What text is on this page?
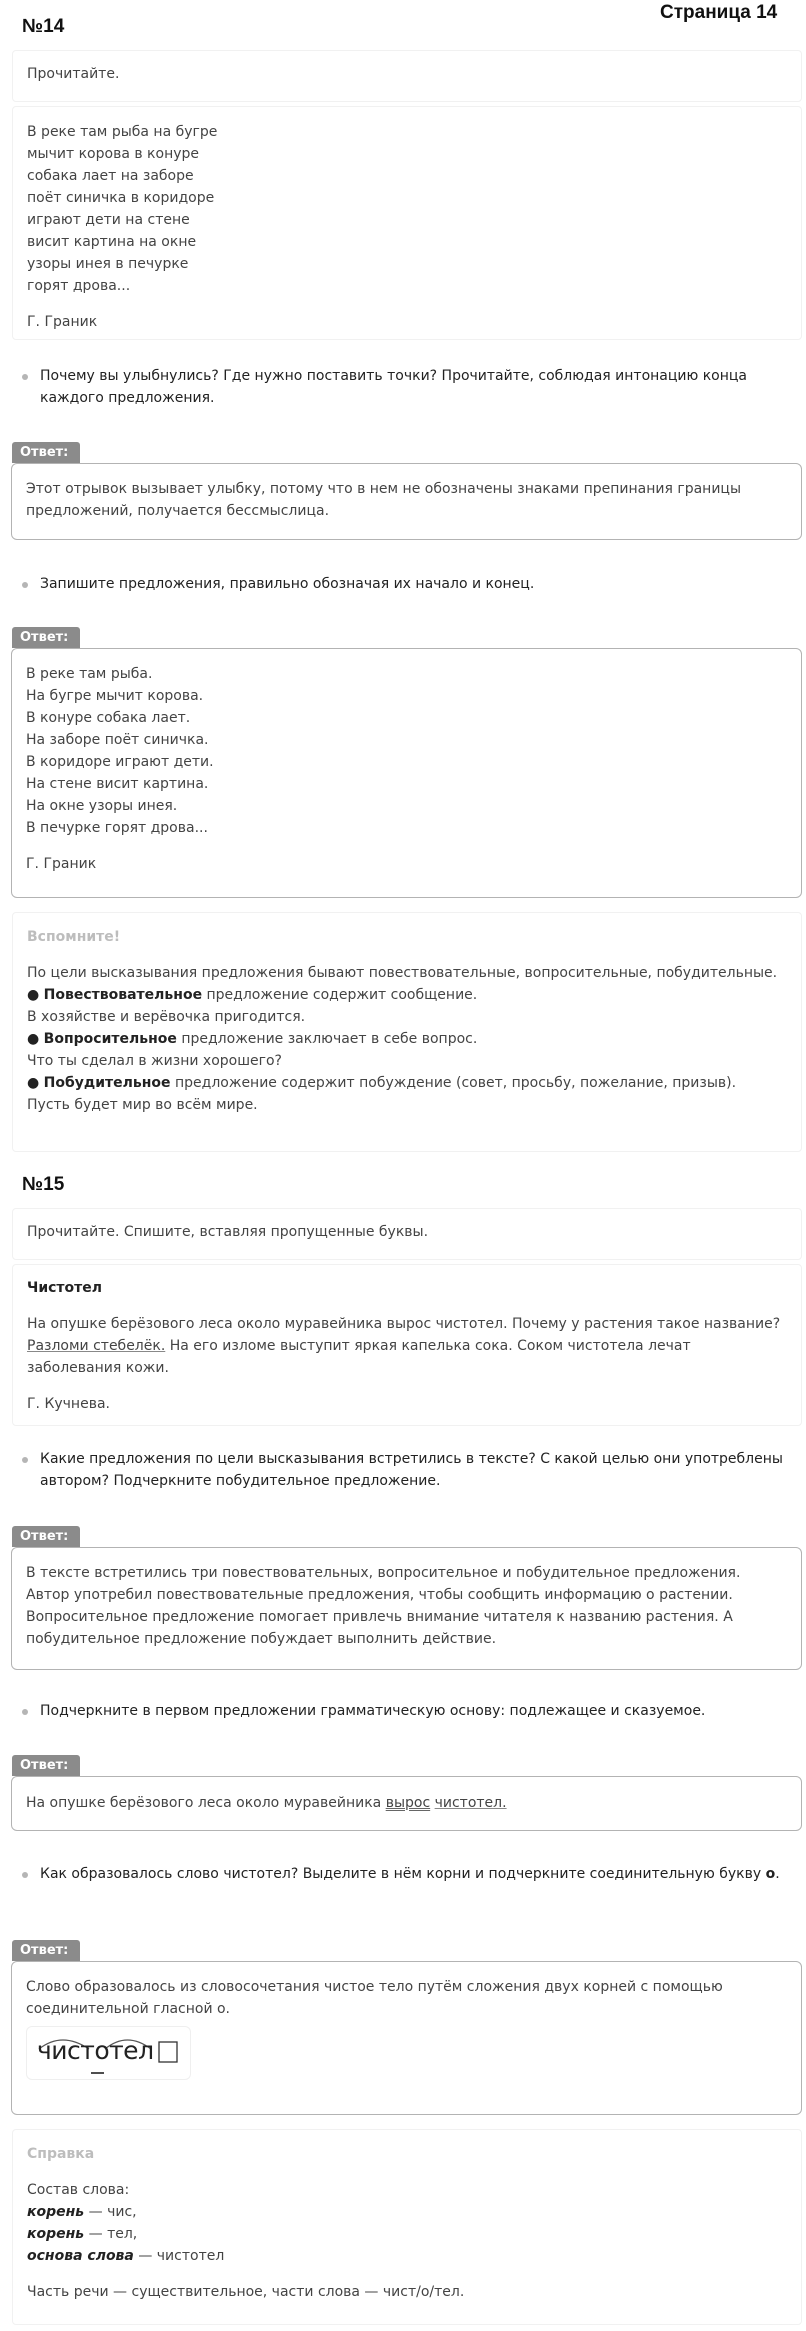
Страница 14
№14
Прочитайте.
В реке там рыба на бугре
мычит корова в конуре
собака лает на заборе
поёт синичка в коридоре
играют дети на стене
висит картина на окне
узоры инея в печурке
горят дрова...
Г. Граник
Почему вы улыбнулись? Где нужно поставить точки? Прочитайте, соблюдая интонацию конца каждого предложения.
Ответ:
Этот отрывок вызывает улыбку, потому что в нем не обозначены знаками препинания границы предложений, получается бессмыслица.
Запишите предложения, правильно обозначая их начало и конец.
Ответ:
В реке там рыба.
На бугре мычит корова.
В конуре собака лает.
На заборе поёт синичка.
В коридоре играют дети.
На стене висит картина.
На окне узоры инея.
В печурке горят дрова...
Г. Граник
Вспомните!
По цели высказывания предложения бывают повествовательные, вопросительные, побудительные.
● Повествовательное предложение содержит сообщение.
В хозяйстве и верёвочка пригодится.
● Вопросительное предложение заключает в себе вопрос.
Что ты сделал в жизни хорошего?
● Побудительное предложение содержит побуждение (совет, просьбу, пожелание, призыв).
Пусть будет мир во всём мире.
№15
Прочитайте. Спишите, вставляя пропущенные буквы.
Чистотел
На опушке берёзового леса около муравейника вырос чистотел. Почему у растения такое название? Разломи стебелёк. На его изломе выступит яркая капелька сока. Соком чистотела лечат заболевания кожи.
Г. Кучнева.
Какие предложения по цели высказывания встретились в тексте? С какой целью они употреблены автором? Подчеркните побудительное предложение.
Ответ:
В тексте встретились три повествовательных, вопросительное и побудительное предложения. Автор употребил повествовательные предложения, чтобы сообщить информацию о растении. Вопросительное предложение помогает привлечь внимание читателя к названию растения. А побудительное предложение побуждает выполнить действие.
Подчеркните в первом предложении грамматическую основу: подлежащее и сказуемое.
Ответ:
На опушке берёзового леса около муравейника вырос чистотел.
Как образовалось слово чистотел? Выделите в нём корни и подчеркните соединительную букву о.
Ответ:
Слово образовалось из словосочетания чистое тело путём сложения двух корней с помощью соединительной гласной о.
чистотел
Справка
Состав слова:
корень — чис,
корень — тел,
основа слова — чистотел
Часть речи — существительное, части слова — чист/о/тел.
